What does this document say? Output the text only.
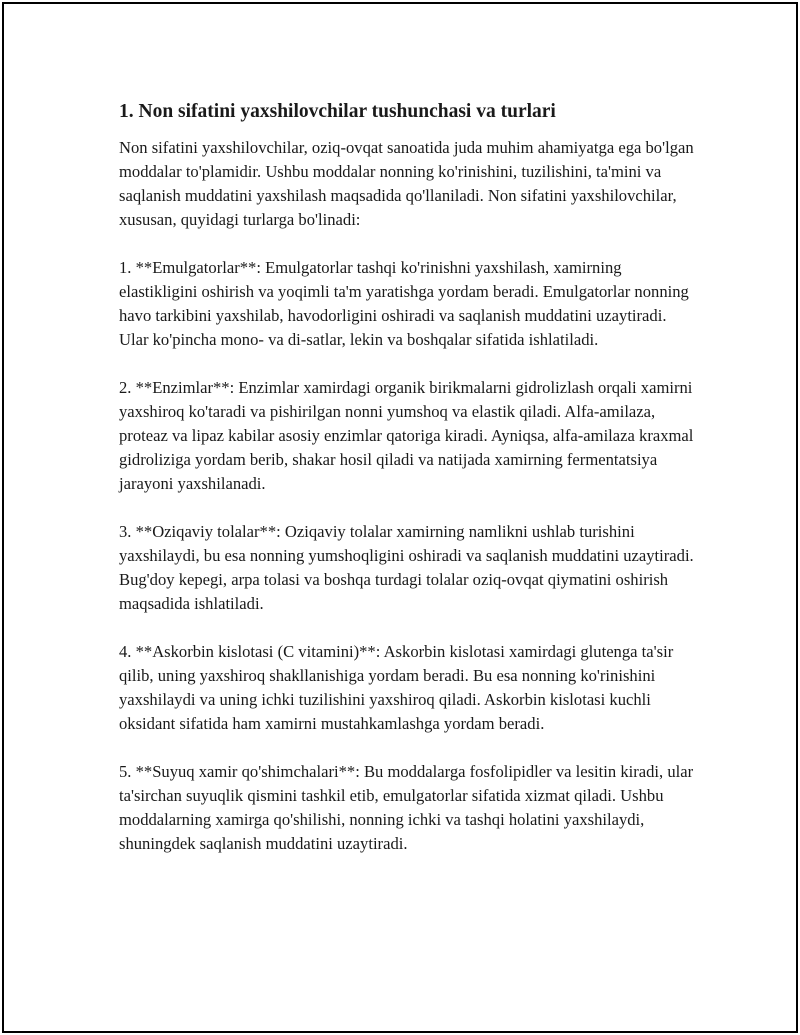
1. Non sifatini yaxshilovchilar tushunchasi va turlari

Non sifatini yaxshilovchilar, oziq-ovqat sanoatida juda muhim ahamiyatga ega bo'lgan moddalar to'plamidir. Ushbu moddalar nonning ko'rinishini, tuzilishini, ta'mini va saqlanish muddatini yaxshilash maqsadida qo'llaniladi. Non sifatini yaxshilovchilar, xususan, quyidagi turlarga bo'linadi:

1. **Emulgatorlar**: Emulgatorlar tashqi ko'rinishni yaxshilash, xamirning elastikligini oshirish va yoqimli ta'm yaratishga yordam beradi. Emulgatorlar nonning havo tarkibini yaxshilab, havodorligini oshiradi va saqlanish muddatini uzaytiradi. Ular ko'pincha mono- va di-satlar, lekin va boshqalar sifatida ishlatiladi.

2. **Enzimlar**: Enzimlar xamirdagi organik birikmalarni gidrolizlash orqali xamirni yaxshiroq ko'taradi va pishirilgan nonni yumshoq va elastik qiladi. Alfa-amilaza, proteaz va lipaz kabilar asosiy enzimlar qatoriga kiradi. Ayniqsa, alfa-amilaza kraxmal gidroliziga yordam berib, shakar hosil qiladi va natijada xamirning fermentatsiya jarayoni yaxshilanadi.

3. **Oziqaviy tolalar**: Oziqaviy tolalar xamirning namlikni ushlab turishini yaxshilaydi, bu esa nonning yumshoqligini oshiradi va saqlanish muddatini uzaytiradi. Bug'doy kepegi, arpa tolasi va boshqa turdagi tolalar oziq-ovqat qiymatini oshirish maqsadida ishlatiladi.

4. **Askorbin kislotasi (C vitamini)**: Askorbin kislotasi xamirdagi glutenga ta'sir qilib, uning yaxshiroq shakllanishiga yordam beradi. Bu esa nonning ko'rinishini yaxshilaydi va uning ichki tuzilishini yaxshiroq qiladi. Askorbin kislotasi kuchli oksidant sifatida ham xamirni mustahkamlashga yordam beradi.

5. **Suyuq xamir qo'shimchalari**: Bu moddalarga fosfolipidler va lesitin kiradi, ular ta'sirchan suyuqlik qismini tashkil etib, emulgatorlar sifatida xizmat qiladi. Ushbu moddalarning xamirga qo'shilishi, nonning ichki va tashqi holatini yaxshilaydi, shuningdek saqlanish muddatini uzaytiradi.
